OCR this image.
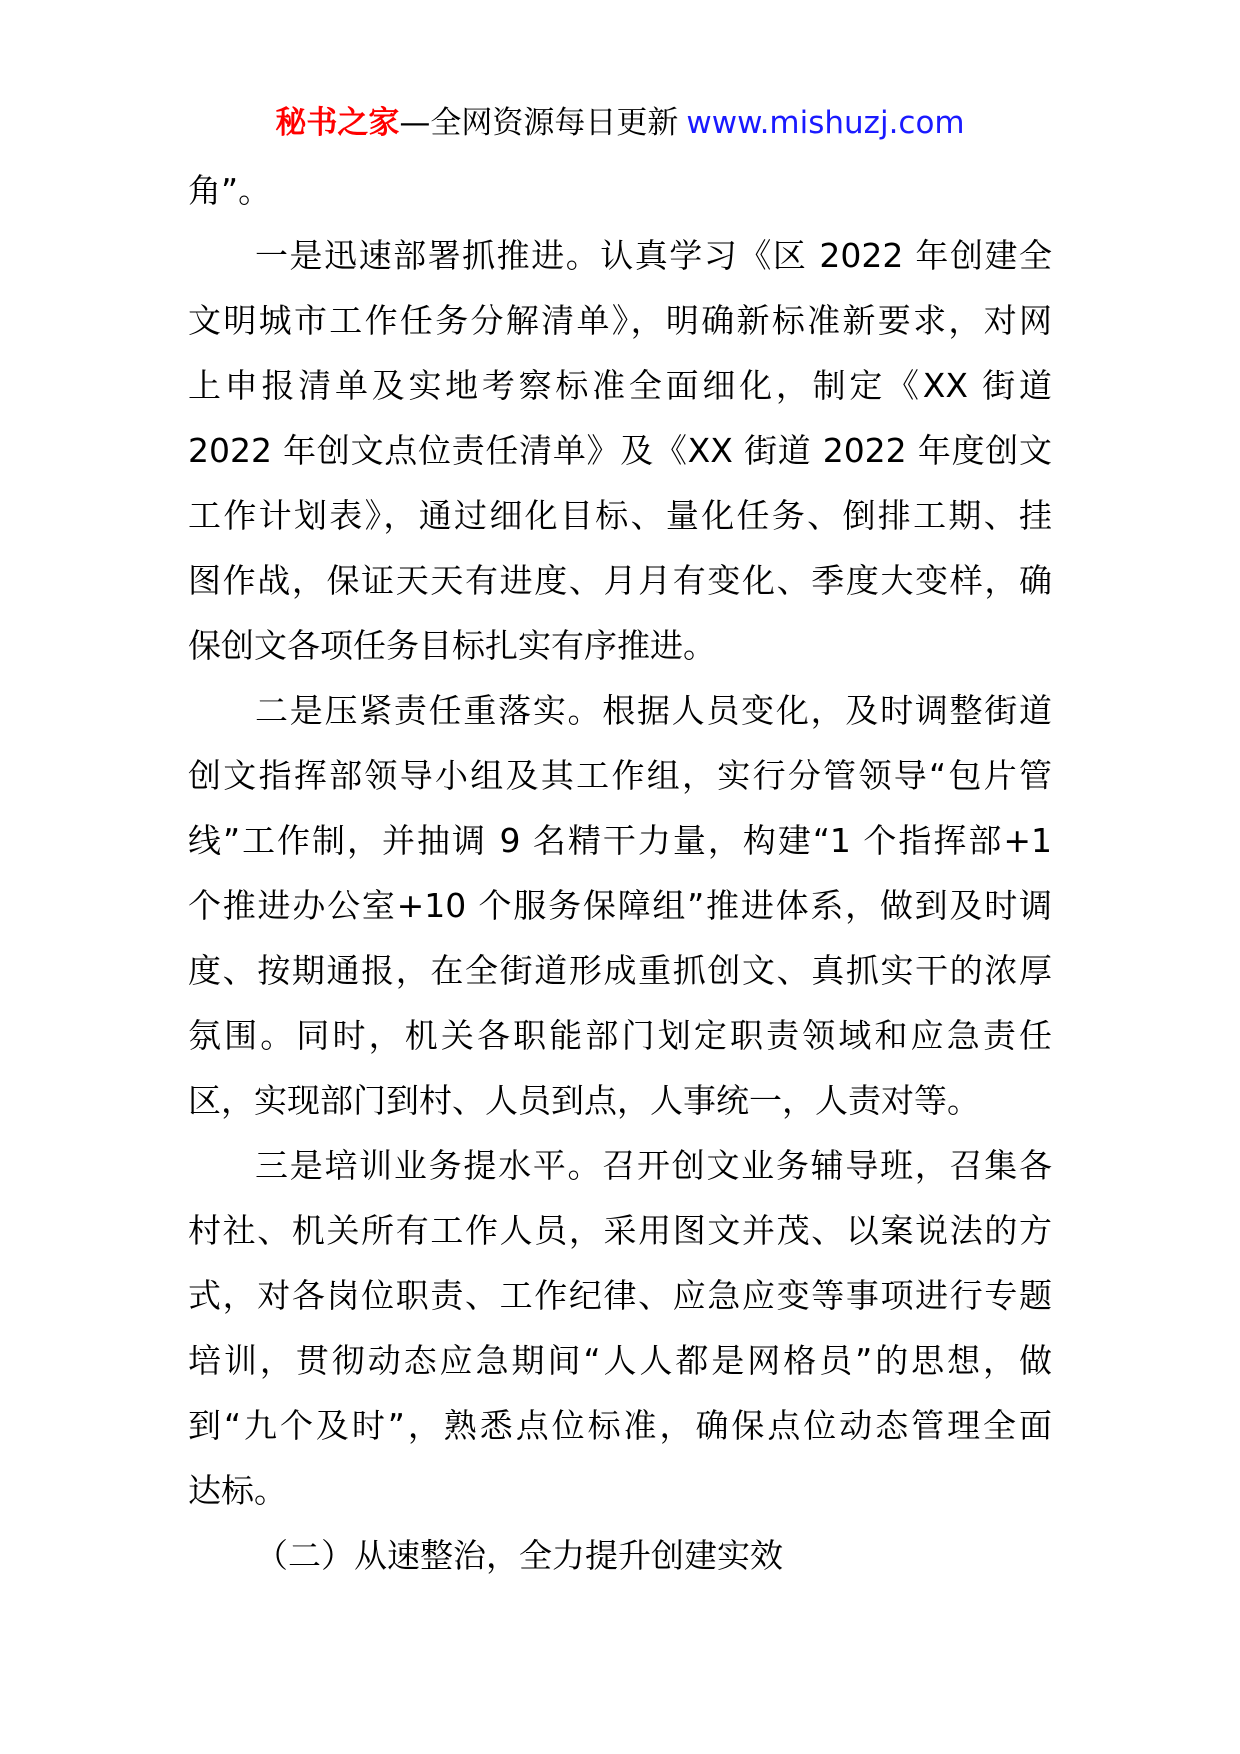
秘书之家—全网资源每日更新 www.mishuzj.com
角”。
一是迅速部署抓推进。认真学习《区 2022 年创建全
文明城市工作任务分解清单》，明确新标准新要求，对网
上申报清单及实地考察标准全面细化，制定《XX 街道
2022 年创文点位责任清单》及《XX 街道 2022 年度创文
工作计划表》，通过细化目标、量化任务、倒排工期、挂
图作战，保证天天有进度、月月有变化、季度大变样，确
保创文各项任务目标扎实有序推进。
二是压紧责任重落实。根据人员变化，及时调整街道
创文指挥部领导小组及其工作组，实行分管领导“包片管
线”工作制，并抽调 9 名精干力量，构建“1 个指挥部+1
个推进办公室+10 个服务保障组”推进体系，做到及时调
度、按期通报，在全街道形成重抓创文、真抓实干的浓厚
氛围。同时，机关各职能部门划定职责领域和应急责任
区，实现部门到村、人员到点，人事统一，人责对等。
三是培训业务提水平。召开创文业务辅导班，召集各
村社、机关所有工作人员，采用图文并茂、以案说法的方
式，对各岗位职责、工作纪律、应急应变等事项进行专题
培训，贯彻动态应急期间“人人都是网格员”的思想，做
到“九个及时”，熟悉点位标准，确保点位动态管理全面
达标。
（二）从速整治，全力提升创建实效
